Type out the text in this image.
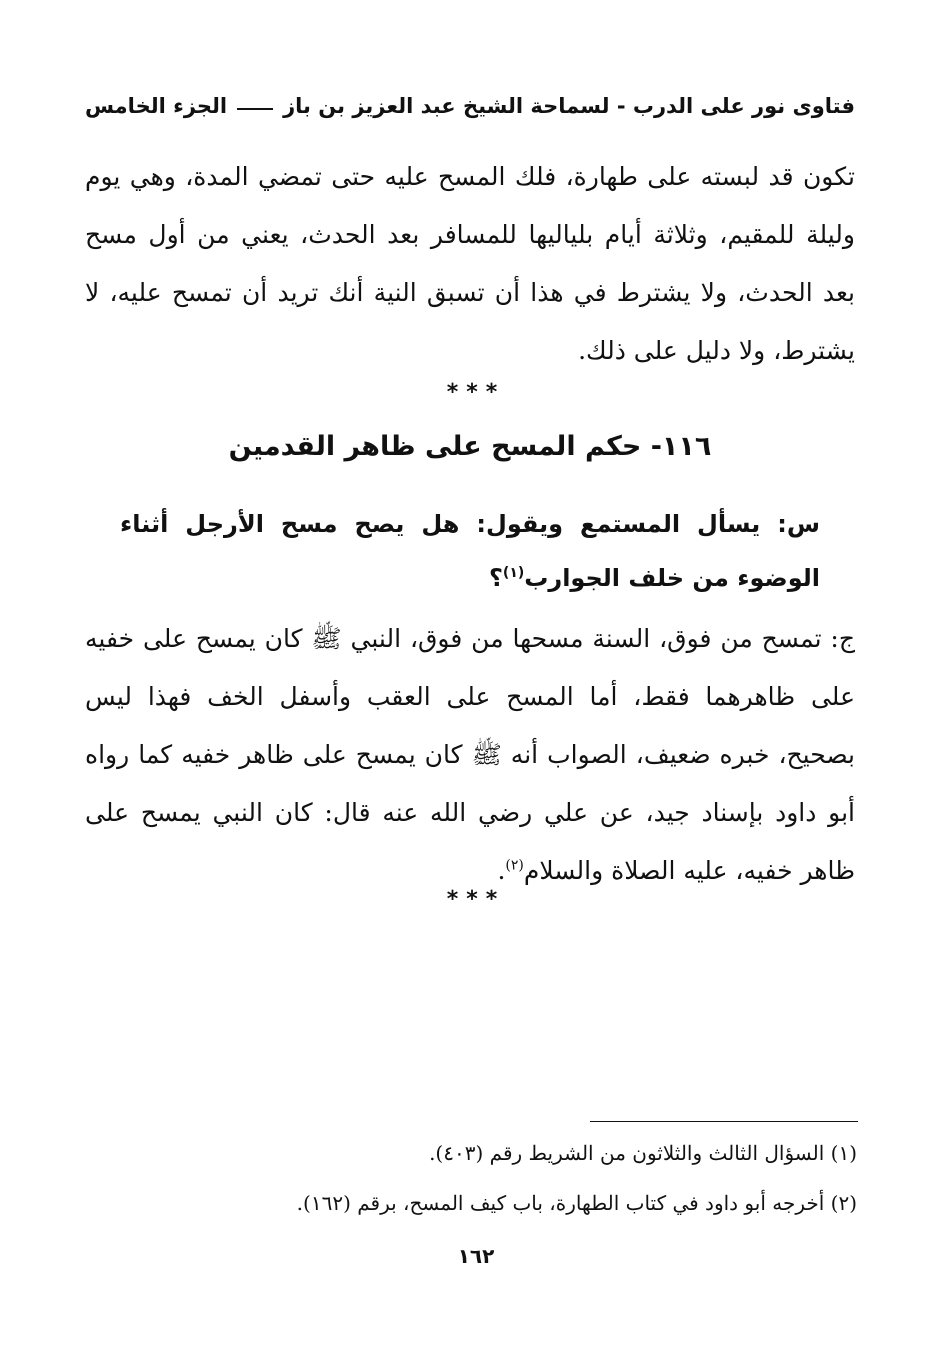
فتاوى نور على الدرب - لسماحة الشيخ عبد العزيز بن باز
الجزء الخامس
تكون قد لبسته على طهارة، فلك المسح عليه حتى تمضي المدة، وهي يوم وليلة للمقيم، وثلاثة أيام بلياليها للمسافر بعد الحدث، يعني من أول مسح بعد الحدث، ولا يشترط في هذا أن تسبق النية أنك تريد أن تمسح عليه، لا يشترط، ولا دليل على ذلك.
***
١١٦- حكم المسح على ظاهر القدمين
س: يسأل المستمع ويقول: هل يصح مسح الأرجل أثناء الوضوء من خلف الجوارب$^{(١)}$؟
ج: تمسح من فوق، السنة مسحها من فوق، النبي ﷺ كان يمسح على خفيه على ظاهرهما فقط، أما المسح على العقب وأسفل الخف فهذا ليس بصحيح، خبره ضعيف، الصواب أنه ﷺ كان يمسح على ظاهر خفيه كما رواه أبو داود بإسناد جيد، عن علي رضي الله عنه قال: كان النبي يمسح على ظاهر خفيه، عليه الصلاة والسلام$^{(٢)}$.
***
(١) السؤال الثالث والثلاثون من الشريط رقم (٤٠٣).
(٢) أخرجه أبو داود في كتاب الطهارة، باب كيف المسح، برقم (١٦٢).
١٦٢
